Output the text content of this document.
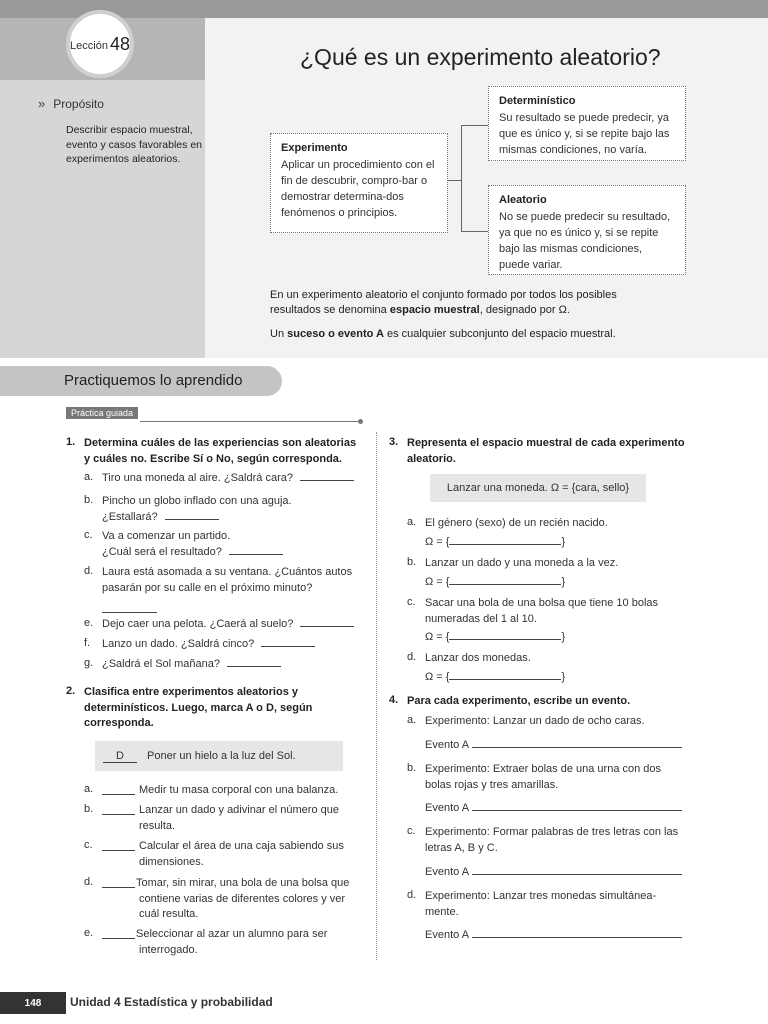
Lección 48
¿Qué es un experimento aleatorio?
» Propósito
Describir espacio muestral, evento y casos favorables en experimentos aleatorios.
Experimento
Aplicar un procedimiento con el fin de descubrir, compro-bar o demostrar determina-dos fenómenos o principios.
Determinístico
Su resultado se puede predecir, ya que es único y, si se repite bajo las mismas condiciones, no varía.
Aleatorio
No se puede predecir su resultado, ya que no es único y, si se repite bajo las mismas condiciones, puede variar.
En un experimento aleatorio el conjunto formado por todos los posibles resultados se denomina espacio muestral, designado por Ω.
Un suceso o evento A es cualquier subconjunto del espacio muestral.
Practiquemos lo aprendido
Práctica guiada
1. Determina cuáles de las experiencias son aleatorias y cuáles no. Escribe Sí o No, según corresponda.
a. Tiro una moneda al aire. ¿Saldrá cara?
b. Pincho un globo inflado con una aguja.
¿Estallará?
c. Va a comenzar un partido.
¿Cuál será el resultado?
d. Laura está asomada a su ventana. ¿Cuántos autos pasarán por su calle en el próximo minuto?
e. Dejo caer una pelota. ¿Caerá al suelo?
f. Lanzo un dado. ¿Saldrá cinco?
g. ¿Saldrá el Sol mañana?
2. Clasifica entre experimentos aleatorios y determinísticos. Luego, marca A o D, según corresponda.
D	Poner un hielo a la luz del Sol.
a.	Medir tu masa corporal con una balanza.
b.	Lanzar un dado y adivinar el número que
resulta.
c.	Calcular el área de una caja sabiendo sus
dimensiones.
d.	Tomar, sin mirar, una bola de una bolsa que
contiene varias de diferentes colores y ver
cuál resulta.
e.	Seleccionar al azar un alumno para ser
interrogado.
3. Representa el espacio muestral de cada experimento aleatorio.
Lanzar una moneda. Ω = {cara, sello}
a. El género (sexo) de un recién nacido.
Ω = {	}
b. Lanzar un dado y una moneda a la vez.
Ω = {	}
c. Sacar una bola de una bolsa que tiene 10 bolas
numeradas del 1 al 10.
Ω = {	}
d. Lanzar dos monedas.
Ω = {	}
4. Para cada experimento, escribe un evento.
a. Experimento: Lanzar un dado de ocho caras.
Evento A
b. Experimento: Extraer bolas de una urna con dos
bolas rojas y tres amarillas.
Evento A
c. Experimento: Formar palabras de tres letras con las
letras A, B y C.
Evento A
d. Experimento: Lanzar tres monedas simultánea-
mente.
Evento A
148	Unidad 4 Estadística y probabilidad
